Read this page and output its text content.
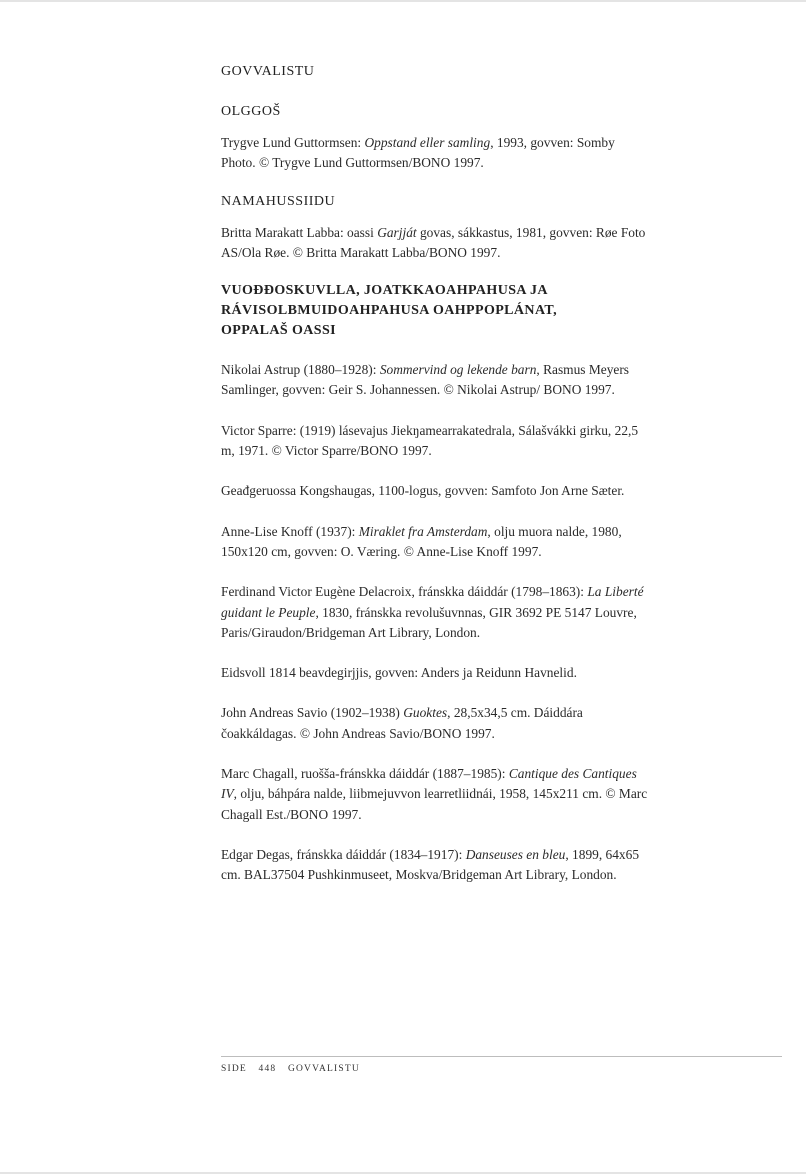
GOVVALISTU
OLGGOŠ

Trygve Lund Guttormsen: Oppstand eller samling, 1993, govven: Somby Photo. © Trygve Lund Guttormsen/BONO 1997.

NAMAHUSSIIDU

Britta Marakatt Labba: oassi Garjját govas, sákkastus, 1981, govven: Røe Foto AS/Ola Røe. © Britta Marakatt Labba/BONO 1997.

VUOĐĐOSKUVLLA, JOATKKAOAHPAHUSA JA RÁVISOLBMUIDOAHPAHUSA OAHPPOPLÁNAT, OPPALAŠ OASSI

Nikolai Astrup (1880–1928): Sommervind og lekende barn, Rasmus Meyers Samlinger, govven: Geir S. Johannessen. © Nikolai Astrup/ BONO 1997.

Victor Sparre: (1919) lásevajus Jiekŋamearrakatedrala, Sálašvákki girku, 22,5 m, 1971. © Victor Sparre/BONO 1997.

Geađgeruossa Kongshaugas, 1100-logus, govven: Samfoto Jon Arne Sæter.

Anne-Lise Knoff (1937): Miraklet fra Amsterdam, olju muora nalde, 1980, 150x120 cm, govven: O. Væring. © Anne-Lise Knoff 1997.

Ferdinand Victor Eugène Delacroix, fránskka dáiddár (1798–1863): La Liberté guidant le Peuple, 1830, fránskka revolušuvnnas, GIR 3692 PE 5147 Louvre, Paris/Giraudon/Bridgeman Art Library, London.

Eidsvoll 1814 beavdegirjjis, govven: Anders ja Reidunn Havnelid.

John Andreas Savio (1902–1938) Guoktes, 28,5x34,5 cm. Dáiddára čoakkáldagas. © John Andreas Savio/BONO 1997.

Marc Chagall, ruošša-fránskka dáiddár (1887–1985): Cantique des Cantiques IV, olju, báhpára nalde, liibmejuvvon learretliidnái, 1958, 145x211 cm. © Marc Chagall Est./BONO 1997.

Edgar Degas, fránskka dáiddár (1834–1917): Danseuses en bleu, 1899, 64x65 cm. BAL37504 Pushkinmuseet, Moskva/Bridgeman Art Library, London.

SIDE 448 GOVVALISTU
